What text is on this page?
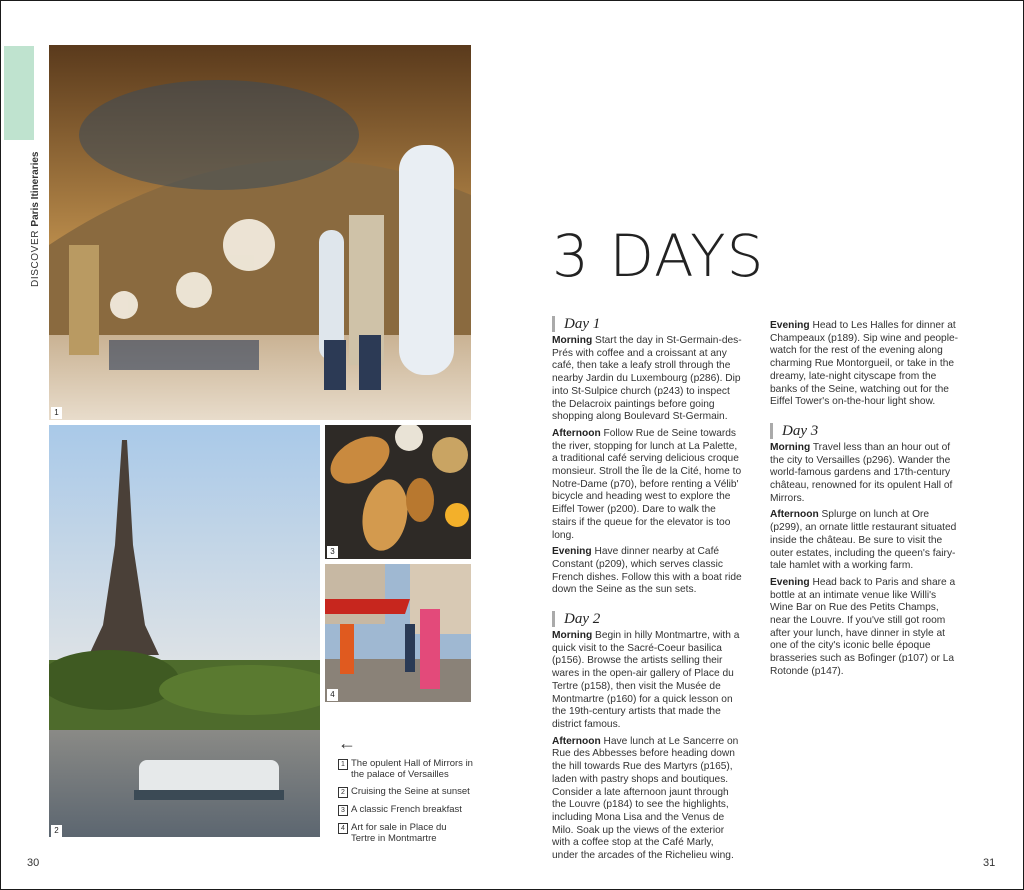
DISCOVER Paris Itineraries
1
2
3
4
←
1 The opulent Hall of Mirrors in the palace of Versailles
2 Cruising the Seine at sunset
3 A classic French breakfast
4 Art for sale in Place du Tertre in Montmartre
30	31
3 DAYS
Day 1

Morning Start the day in St-Germain-des-Prés with coffee and a croissant at any café, then take a leafy stroll through the nearby Jardin du Luxembourg (p286). Dip into St-Sulpice church (p243) to inspect the Delacroix paintings before going shopping along Boulevard St-Germain.

Afternoon Follow Rue de Seine towards the river, stopping for lunch at La Palette, a traditional café serving delicious croque monsieur. Stroll the Île de la Cité, home to Notre-Dame (p70), before renting a Vélib' bicycle and heading west to explore the Eiffel Tower (p200). Dare to walk the stairs if the queue for the elevator is too long.

Evening Have dinner nearby at Café Constant (p209), which serves classic French dishes. Follow this with a boat ride down the Seine as the sun sets.

Day 2

Morning Begin in hilly Montmartre, with a quick visit to the Sacré-Coeur basilica (p156). Browse the artists selling their wares in the open-air gallery of Place du Tertre (p158), then visit the Musée de Montmartre (p160) for a quick lesson on the 19th-century artists that made the district famous.

Afternoon Have lunch at Le Sancerre on Rue des Abbesses before heading down the hill towards Rue des Martyrs (p165), laden with pastry shops and boutiques. Consider a late afternoon jaunt through the Louvre (p184) to see the highlights, including Mona Lisa and the Venus de Milo. Soak up the views of the exterior with a coffee stop at the Café Marly, under the arcades of the Richelieu wing.

Evening Head to Les Halles for dinner at Champeaux (p189). Sip wine and people-watch for the rest of the evening along charming Rue Montorgueil, or take in the dreamy, late-night cityscape from the banks of the Seine, watching out for the Eiffel Tower's on-the-hour light show.

Day 3

Morning Travel less than an hour out of the city to Versailles (p296). Wander the world-famous gardens and 17th-century château, renowned for its opulent Hall of Mirrors.

Afternoon Splurge on lunch at Ore (p299), an ornate little restaurant situated inside the château. Be sure to visit the outer estates, including the queen's fairy-tale hamlet with a working farm.

Evening Head back to Paris and share a bottle at an intimate venue like Willi's Wine Bar on Rue des Petits Champs, near the Louvre. If you've still got room after your lunch, have dinner in style at one of the city's iconic belle époque brasseries such as Bofinger (p107) or La Rotonde (p147).
